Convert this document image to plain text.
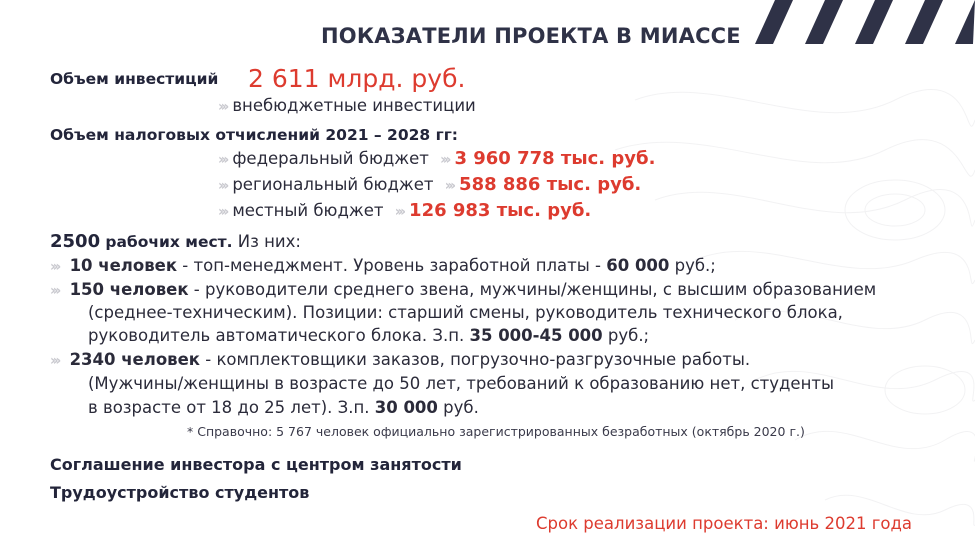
ПОКАЗАТЕЛИ ПРОЕКТА В МИАССЕ
Объем инвестиций 2 611 млрд. руб.
››› внебюджетные инвестиции
Объем налоговых отчислений 2021 – 2028 гг:
››› федеральный бюджет ››› 3 960 778 тыс. руб.
››› региональный бюджет ››› 588 886 тыс. руб.
››› местный бюджет ››› 126 983 тыс. руб.
2500 рабочих мест. Из них:
››› 10 человек - топ-менеджмент. Уровень заработной платы - 60 000 руб.;
››› 150 человек - руководители среднего звена, мужчины/женщины, с высшим образованием
(среднее-техническим). Позиции: старший смены, руководитель технического блока,
руководитель автоматического блока. З.п. 35 000-45 000 руб.;
››› 2340 человек - комплектовщики заказов, погрузочно-разгрузочные работы.
(Мужчины/женщины в возрасте до 50 лет, требований к образованию нет, студенты
в возрасте от 18 до 25 лет). З.п. 30 000 руб.
* Справочно: 5 767 человек официально зарегистрированных безработных (октябрь 2020 г.)
Соглашение инвестора с центром занятости
Трудоустройство студентов
Срок реализации проекта: июнь 2021 года
